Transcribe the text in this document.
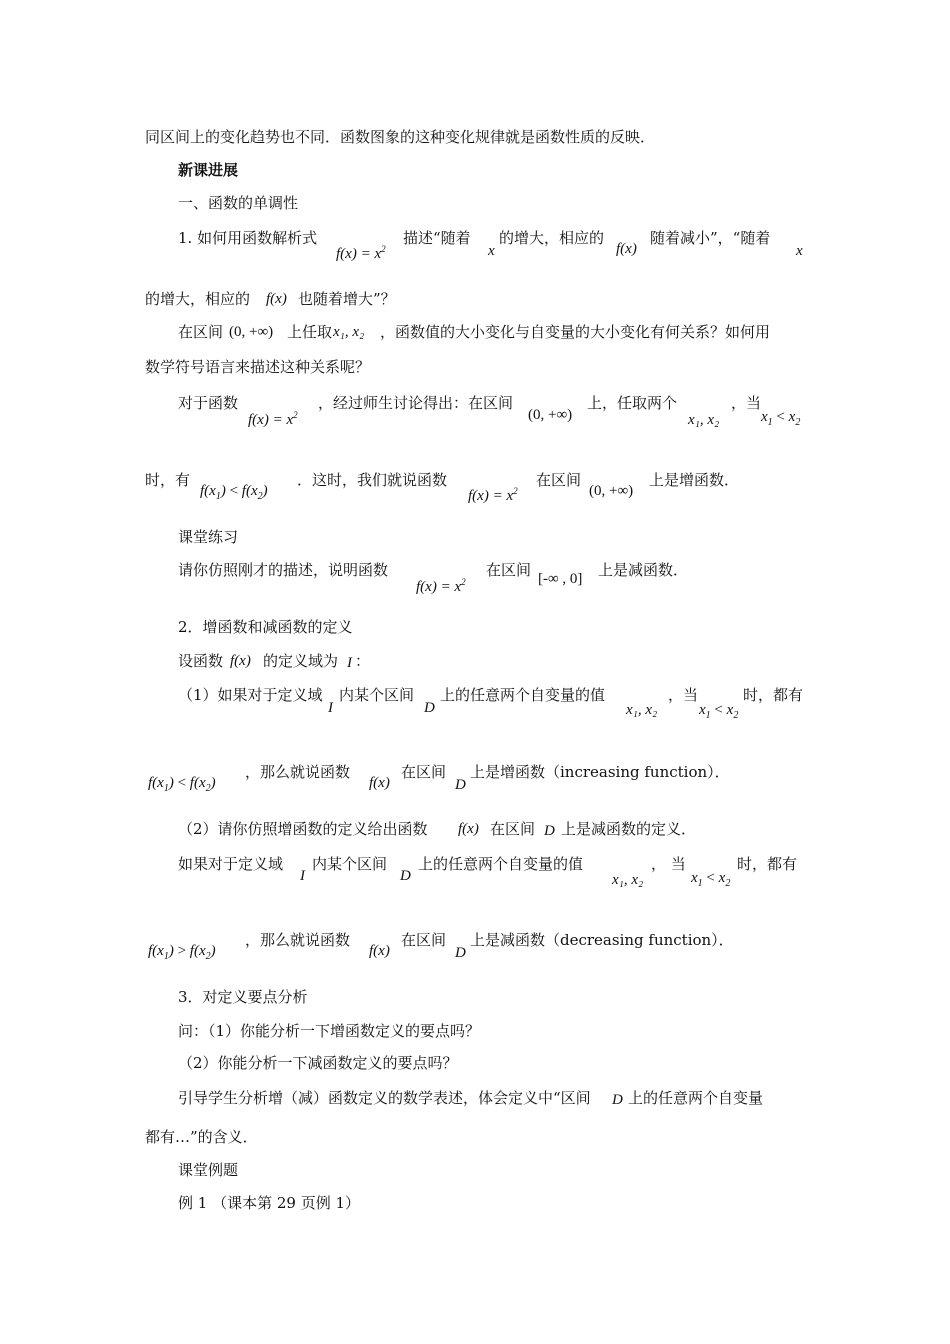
同区间上的变化趋势也不同．函数图象的这种变化规律就是函数性质的反映．
新课进展
一、函数的单调性
1. 如何用函数解析式
$f(x) = x^2$
描述“随着
x
的增大，相应的
f(x)
随着减小”，“随着
x
的增大，相应的 f(x) 也随着增大”？
在区间 (0, +∞) 上任取 x₁, x₂ ，函数值的大小变化与自变量的大小变化有何关系？如何用
数学符号语言来描述这种关系呢？
对于函数
$f(x) = x^2$
，经过师生讨论得出：在区间
(0, +∞)
上，任取两个
x₁, x₂
，当
$x_1 < x_2$
时，有
$f(x_1) < f(x_2)$
．这时，我们就说函数
$f(x) = x^2$
在区间
(0, +∞)
上是增函数．
课堂练习
请你仿照刚才的描述，说明函数
$f(x) = x^2$
在区间 [-∞ , 0] 上是减函数．
2．增函数和减函数的定义
设函数 f(x) 的定义域为 I ：
（1）如果对于定义域
I
内某个区间
D
上的任意两个自变量的值
x₁, x₂
，当
$x_1 < x_2$
时，都有
$f(x_1) < f(x_2)$
，那么就说函数
f(x)
在区间
D
上是增函数（increasing function）．
（2）请你仿照增函数的定义给出函数 f(x) 在区间 D 上是减函数的定义．
如果对于定义域
I
内某个区间
D
上的任意两个自变量的值
x₁, x₂
， 当
$x_1 < x_2$
时，都有
$f(x_1) > f(x_2)$
，那么就说函数
f(x)
在区间
D
上是减函数（decreasing function）．
3．对定义要点分析
问：（1）你能分析一下增函数定义的要点吗？
（2）你能分析一下减函数定义的要点吗？
引导学生分析增（减）函数定义的数学表述，体会定义中“区间 D 上的任意两个自变量
都有…”的含义．
课堂例题
例 1 （课本第 29 页例 1）
